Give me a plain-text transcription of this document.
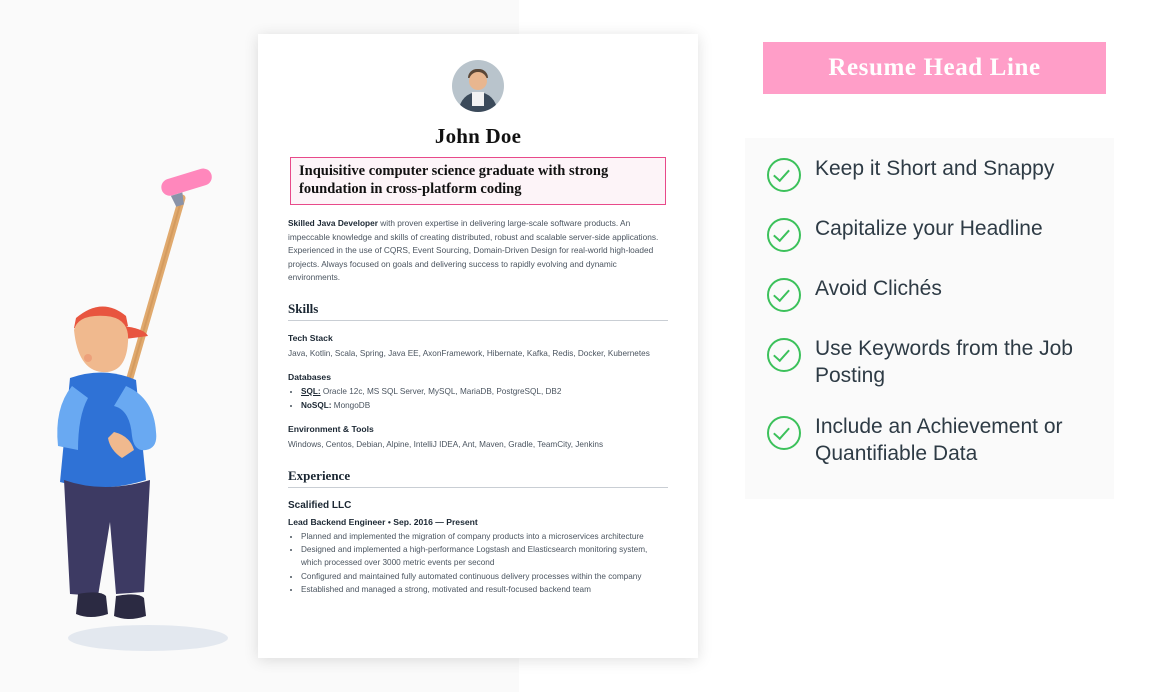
John Doe
Inquisitive computer science graduate with strong foundation in cross-platform coding
Skilled Java Developer with proven expertise in delivering large-scale software products. An impeccable knowledge and skills of creating distributed, robust and scalable server-side applications. Experienced in the use of CQRS, Event Sourcing, Domain-Driven Design for real-world high-loaded projects. Always focused on goals and delivering success to rapidly evolving and dynamic environments.
Skills
Tech Stack
Java, Kotlin, Scala, Spring, Java EE, AxonFramework, Hibernate, Kafka, Redis, Docker, Kubernetes
Databases
• SQL: Oracle 12c, MS SQL Server, MySQL, MariaDB, PostgreSQL, DB2
• NoSQL: MongoDB
Environment & Tools
Windows, Centos, Debian, Alpine, IntelliJ IDEA, Ant, Maven, Gradle, TeamCity, Jenkins
Experience
Scalified LLC
Lead Backend Engineer • Sep. 2016 — Present
• Planned and implemented the migration of company products into a microservices architecture
• Designed and implemented a high-performance Logstash and Elasticsearch monitoring system, which processed over 3000 metric events per second
• Configured and maintained fully automated continuous delivery processes within the company
• Established and managed a strong, motivated and result-focused backend team
Resume Head Line
Keep it Short and Snappy
Capitalize your Headline
Avoid Clichés
Use Keywords from the Job Posting
Include an Achievement or Quantifiable Data
